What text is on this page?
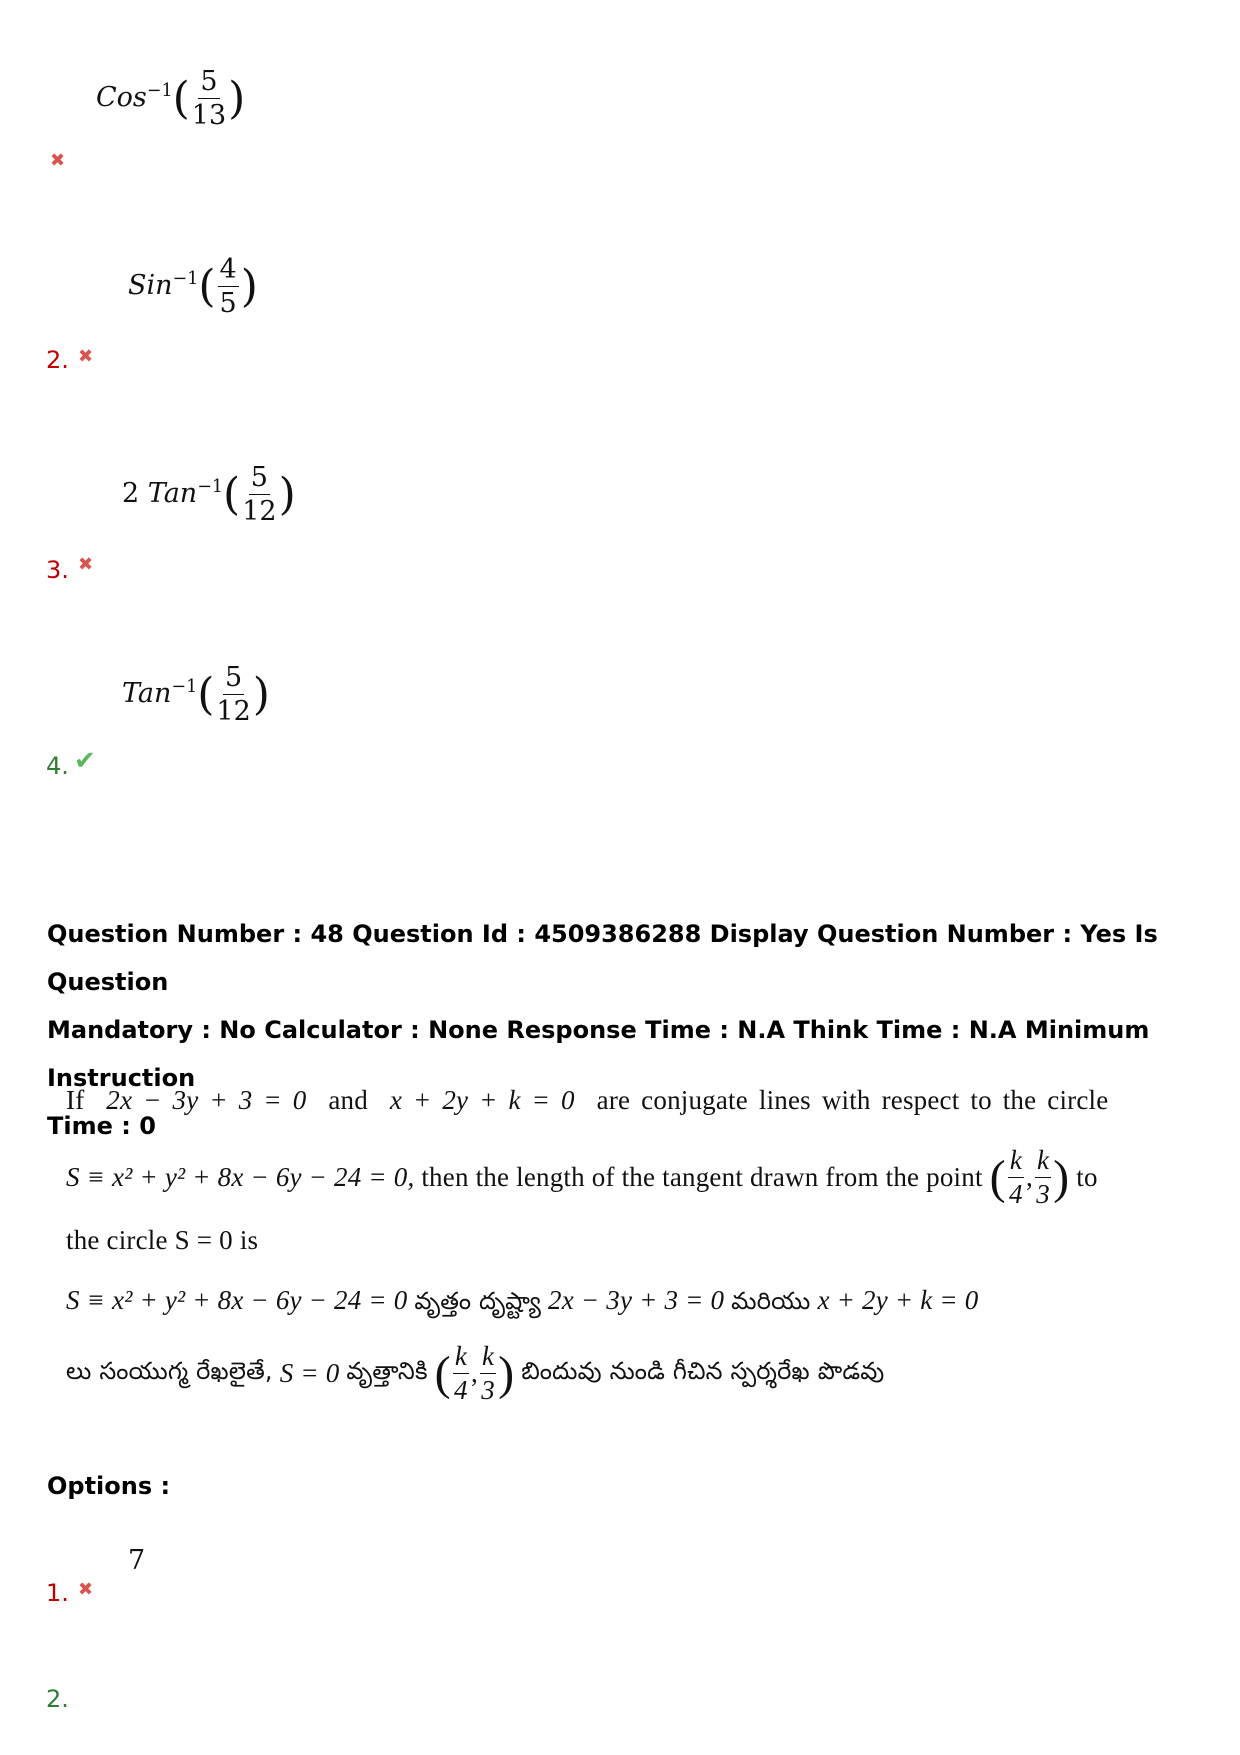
$Cos^{-1}( \frac{5}{13}$ )
✖
$Sin^{-1}( \frac{4}{5}$ )
2. ✖
2 $Tan^{-1}( \frac{5}{12}$ )
3. ✖
$Tan^{-1}( \frac{5}{12}$ )
4. ✔
Question Number : 48 Question Id : 4509386288 Display Question Number : Yes Is Question
Mandatory : No Calculator : None Response Time : N.A Think Time : N.A Minimum Instruction
Time : 0
If 2x − 3y + 3 = 0 and x + 2y + k = 0 are conjugate lines with respect to the circle
S ≡ x² + y² + 8x − 6y − 24 = 0,
then the length of the tangent drawn from the point
( $\frac{k}{4}$ , $\frac{k}{3}$ )
to
the circle S = 0 is
S ≡ x² + y² + 8x − 6y − 24 = 0 వృత్తం దృష్ట్యా 2x − 3y + 3 = 0 మరియు x + 2y + k = 0
లు సంయుగ్మ రేఖలైతే,
S = 0
వృత్తానికి
( $\frac{k}{4}$ , $\frac{k}{3}$ )
బిందువు నుండి గీచిన స్పర్శరేఖ పొడవు
Options :
7
1. ✖
2.
